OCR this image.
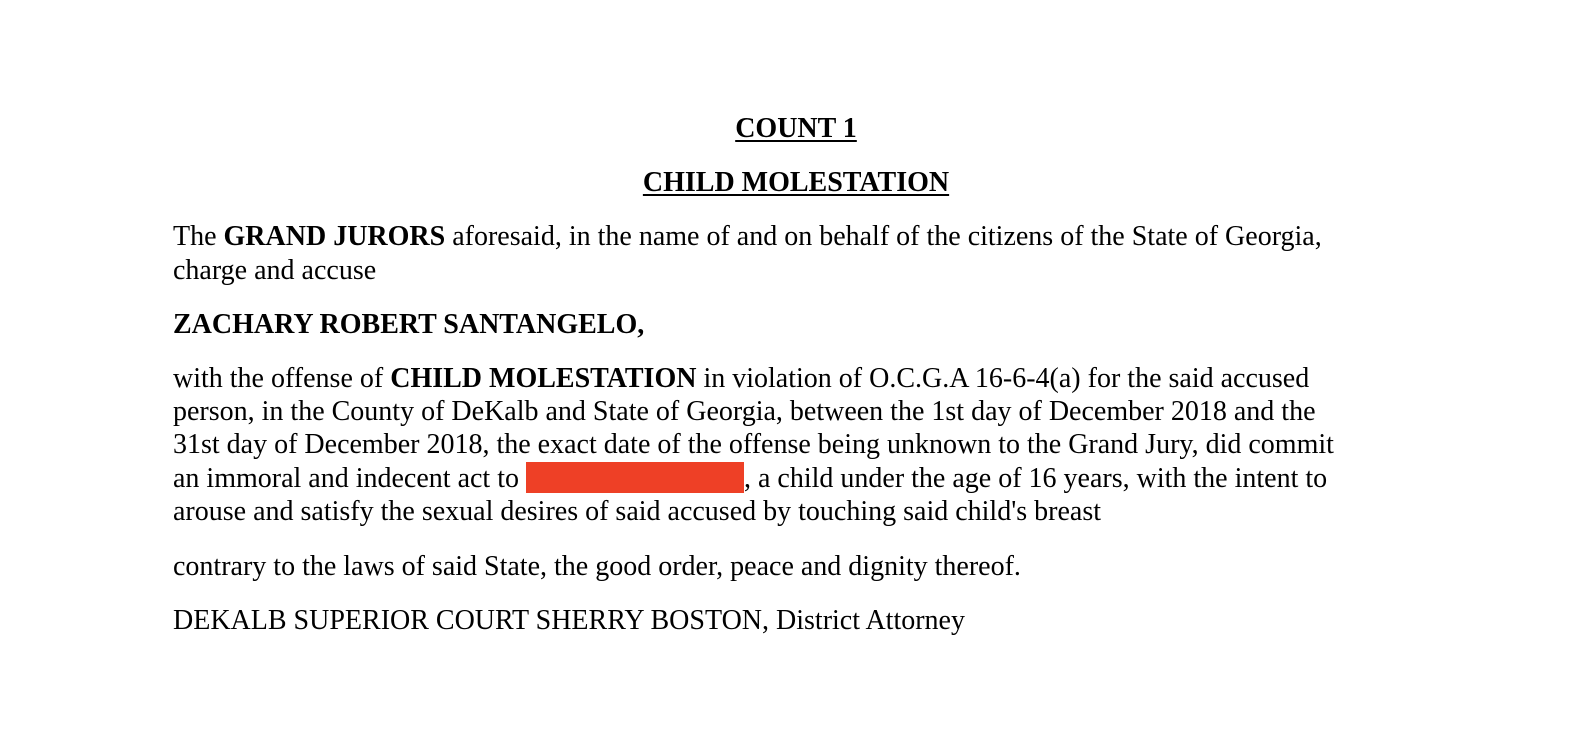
COUNT 1
CHILD MOLESTATION
The GRAND JURORS aforesaid, in the name of and on behalf of the citizens of the State of Georgia,
charge and accuse
ZACHARY ROBERT SANTANGELO,
with the offense of CHILD MOLESTATION in violation of O.C.G.A 16-6-4(a) for the said accused
person, in the County of DeKalb and State of Georgia, between the 1st day of December 2018 and the
31st day of December 2018, the exact date of the offense being unknown to the Grand Jury, did commit
an immoral and indecent act to	, a child under the age of 16 years, with the intent to
arouse and satisfy the sexual desires of said accused by touching said child's breast
contrary to the laws of said State, the good order, peace and dignity thereof.
DEKALB SUPERIOR COURT SHERRY BOSTON, District Attorney
